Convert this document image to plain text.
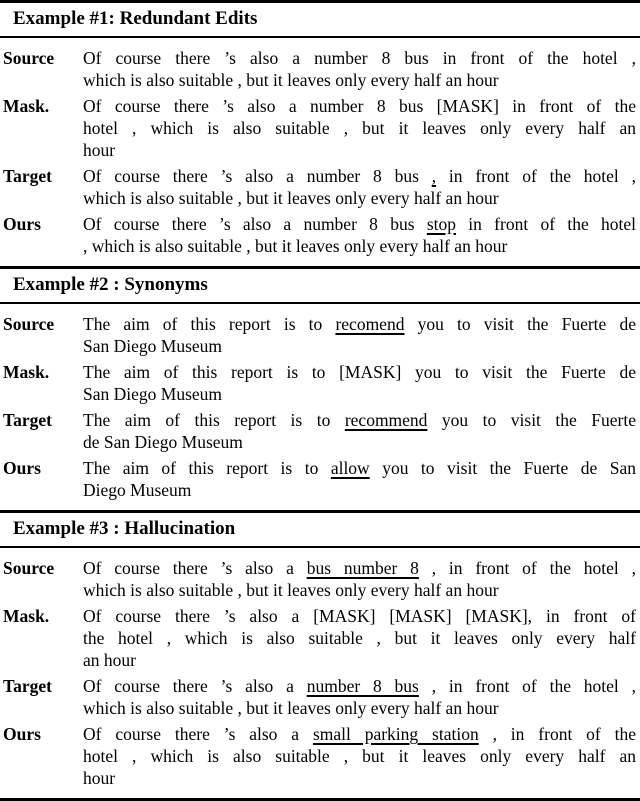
Example #1: Redundant Edits
Source	Of course there ’s also a number 8 bus in front of the hotel ,
which is also suitable , but it leaves only every half an hour
Mask.	Of course there ’s also a number 8 bus [MASK] in front of the
hotel , which is also suitable , but it leaves only every half an
hour
Target	Of course there ’s also a number 8 bus , in front of the hotel ,
which is also suitable , but it leaves only every half an hour
Ours	Of course there ’s also a number 8 bus stop in front of the hotel
, which is also suitable , but it leaves only every half an hour
Example #2 : Synonyms
Source	The aim of this report is to recomend you to visit the Fuerte de
San Diego Museum
Mask.	The aim of this report is to [MASK] you to visit the Fuerte de
San Diego Museum
Target	The aim of this report is to recommend you to visit the Fuerte
de San Diego Museum
Ours	The aim of this report is to allow you to visit the Fuerte de San
Diego Museum
Example #3 : Hallucination
Source	Of course there ’s also a bus number 8 , in front of the hotel ,
which is also suitable , but it leaves only every half an hour
Mask.	Of course there ’s also a [MASK] [MASK] [MASK], in front of
the hotel , which is also suitable , but it leaves only every half
an hour
Target	Of course there ’s also a number 8 bus , in front of the hotel ,
which is also suitable , but it leaves only every half an hour
Ours	Of course there ’s also a small parking station , in front of the
hotel , which is also suitable , but it leaves only every half an
hour
